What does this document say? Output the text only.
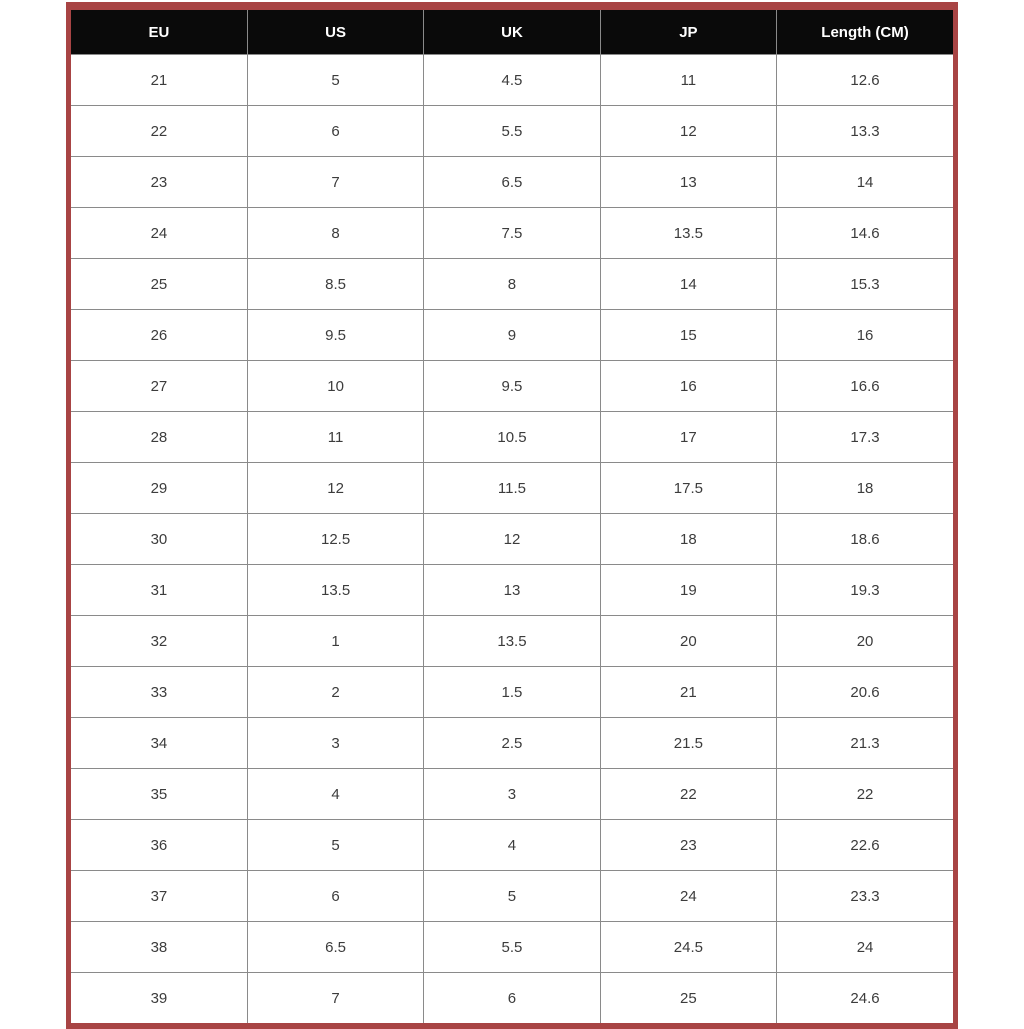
EU	US	UK	JP	Length (CM)
21	5	4.5	11	12.6
22	6	5.5	12	13.3
23	7	6.5	13	14
24	8	7.5	13.5	14.6
25	8.5	8	14	15.3
26	9.5	9	15	16
27	10	9.5	16	16.6
28	11	10.5	17	17.3
29	12	11.5	17.5	18
30	12.5	12	18	18.6
31	13.5	13	19	19.3
32	1	13.5	20	20
33	2	1.5	21	20.6
34	3	2.5	21.5	21.3
35	4	3	22	22
36	5	4	23	22.6
37	6	5	24	23.3
38	6.5	5.5	24.5	24
39	7	6	25	24.6
